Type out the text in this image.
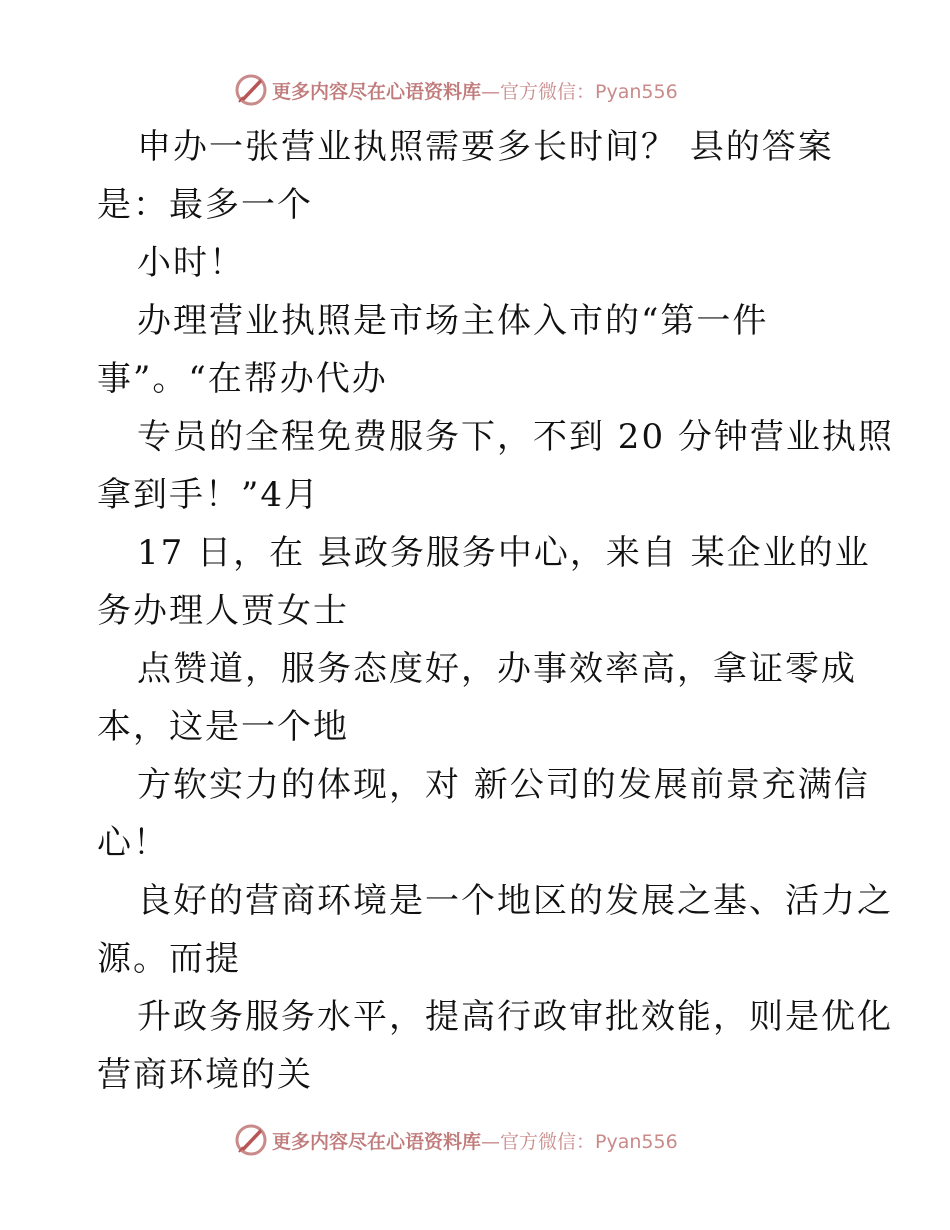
更多内容尽在心语资料库—官方微信：Pyan556
申办一张营业执照需要多长时间？ 县的答案
是：最多一个
小时！
办理营业执照是市场主体入市的“第一件
事”。“在帮办代办
专员的全程免费服务下，不到 20 分钟营业执照
拿到手！”4月
17 日，在 县政务服务中心，来自 某企业的业
务办理人贾女士
点赞道，服务态度好，办事效率高，拿证零成
本，这是一个地
方软实力的体现，对 新公司的发展前景充满信
心！
良好的营商环境是一个地区的发展之基、活力之
源。而提
升政务服务水平，提高行政审批效能，则是优化
营商环境的关
更多内容尽在心语资料库—官方微信：Pyan556
